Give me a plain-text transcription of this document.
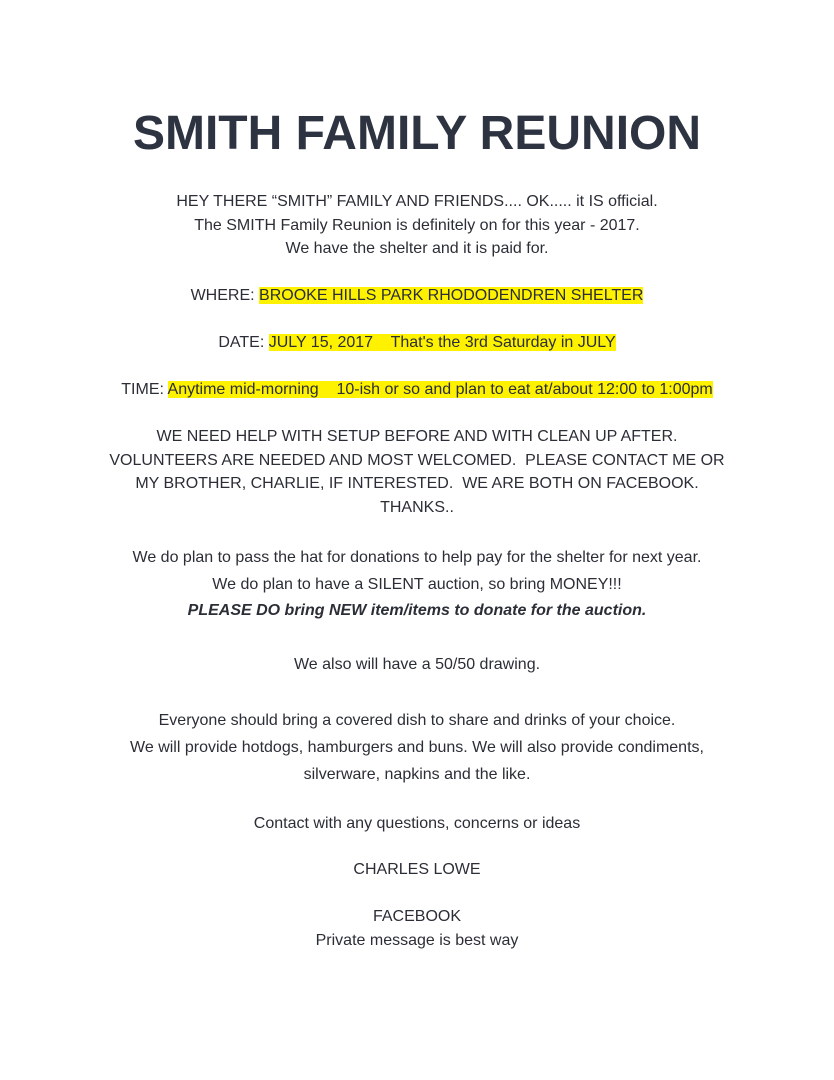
SMITH FAMILY REUNION
HEY THERE “SMITH” FAMILY AND FRIENDS.... OK..... it IS official.
The SMITH Family Reunion is definitely on for this year - 2017.
We have the shelter and it is paid for.
WHERE: BROOKE HILLS PARK RHODODENDREN SHELTER
DATE: JULY 15, 2017    That's the 3rd Saturday in JULY
TIME: Anytime mid-morning    10-ish or so and plan to eat at/about 12:00 to 1:00pm
WE NEED HELP WITH SETUP BEFORE AND WITH CLEAN UP AFTER.
VOLUNTEERS ARE NEEDED AND MOST WELCOMED.  PLEASE CONTACT ME OR
MY BROTHER, CHARLIE, IF INTERESTED.  WE ARE BOTH ON FACEBOOK.
THANKS..
We do plan to pass the hat for donations to help pay for the shelter for next year.
We do plan to have a SILENT auction, so bring MONEY!!!
PLEASE DO bring NEW item/items to donate for the auction.
We also will have a 50/50 drawing.
Everyone should bring a covered dish to share and drinks of your choice.
We will provide hotdogs, hamburgers and buns. We will also provide condiments,
silverware, napkins and the like.
Contact with any questions, concerns or ideas
CHARLES LOWE
FACEBOOK
Private message is best way
